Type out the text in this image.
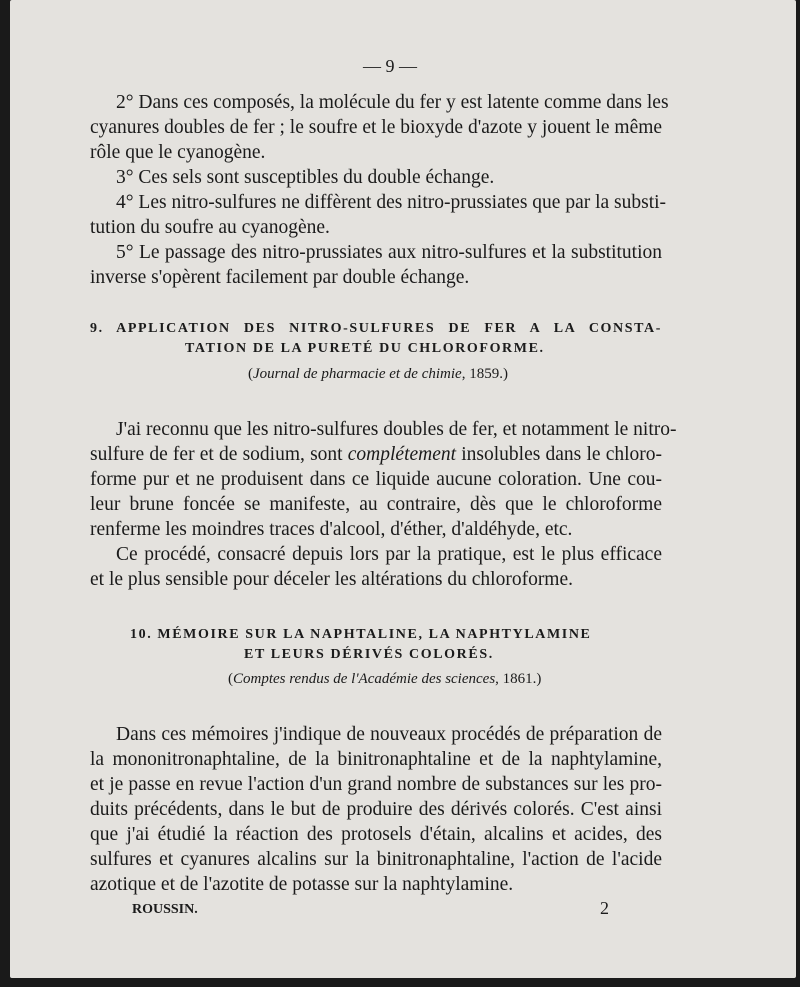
— 9 —
2° Dans ces composés, la molécule du fer y est latente comme dans les
cyanures doubles de fer ; le soufre et le bioxyde d'azote y jouent le même
rôle que le cyanogène.
3° Ces sels sont susceptibles du double échange.
4° Les nitro-sulfures ne diffèrent des nitro-prussiates que par la substi-
tution du soufre au cyanogène.
5° Le passage des nitro-prussiates aux nitro-sulfures et la substitution
inverse s'opèrent facilement par double échange.
9. APPLICATION DES NITRO-SULFURES DE FER A LA CONSTA-
TATION DE LA PURETÉ DU CHLOROFORME.
(Journal de pharmacie et de chimie, 1859.)
J'ai reconnu que les nitro-sulfures doubles de fer, et notamment le nitro-
sulfure de fer et de sodium, sont complétement insolubles dans le chloro-
forme pur et ne produisent dans ce liquide aucune coloration. Une cou-
leur brune foncée se manifeste, au contraire, dès que le chloroforme
renferme les moindres traces d'alcool, d'éther, d'aldéhyde, etc.
Ce procédé, consacré depuis lors par la pratique, est le plus efficace
et le plus sensible pour déceler les altérations du chloroforme.
10. MÉMOIRE SUR LA NAPHTALINE, LA NAPHTYLAMINE
ET LEURS DÉRIVÉS COLORÉS.
(Comptes rendus de l'Académie des sciences, 1861.)
Dans ces mémoires j'indique de nouveaux procédés de préparation de
la mononitronaphtaline, de la binitronaphtaline et de la naphtylamine,
et je passe en revue l'action d'un grand nombre de substances sur les pro-
duits précédents, dans le but de produire des dérivés colorés. C'est ainsi
que j'ai étudié la réaction des protosels d'étain, alcalins et acides, des
sulfures et cyanures alcalins sur la binitronaphtaline, l'action de l'acide
azotique et de l'azotite de potasse sur la naphtylamine.
ROUSSIN.	2
